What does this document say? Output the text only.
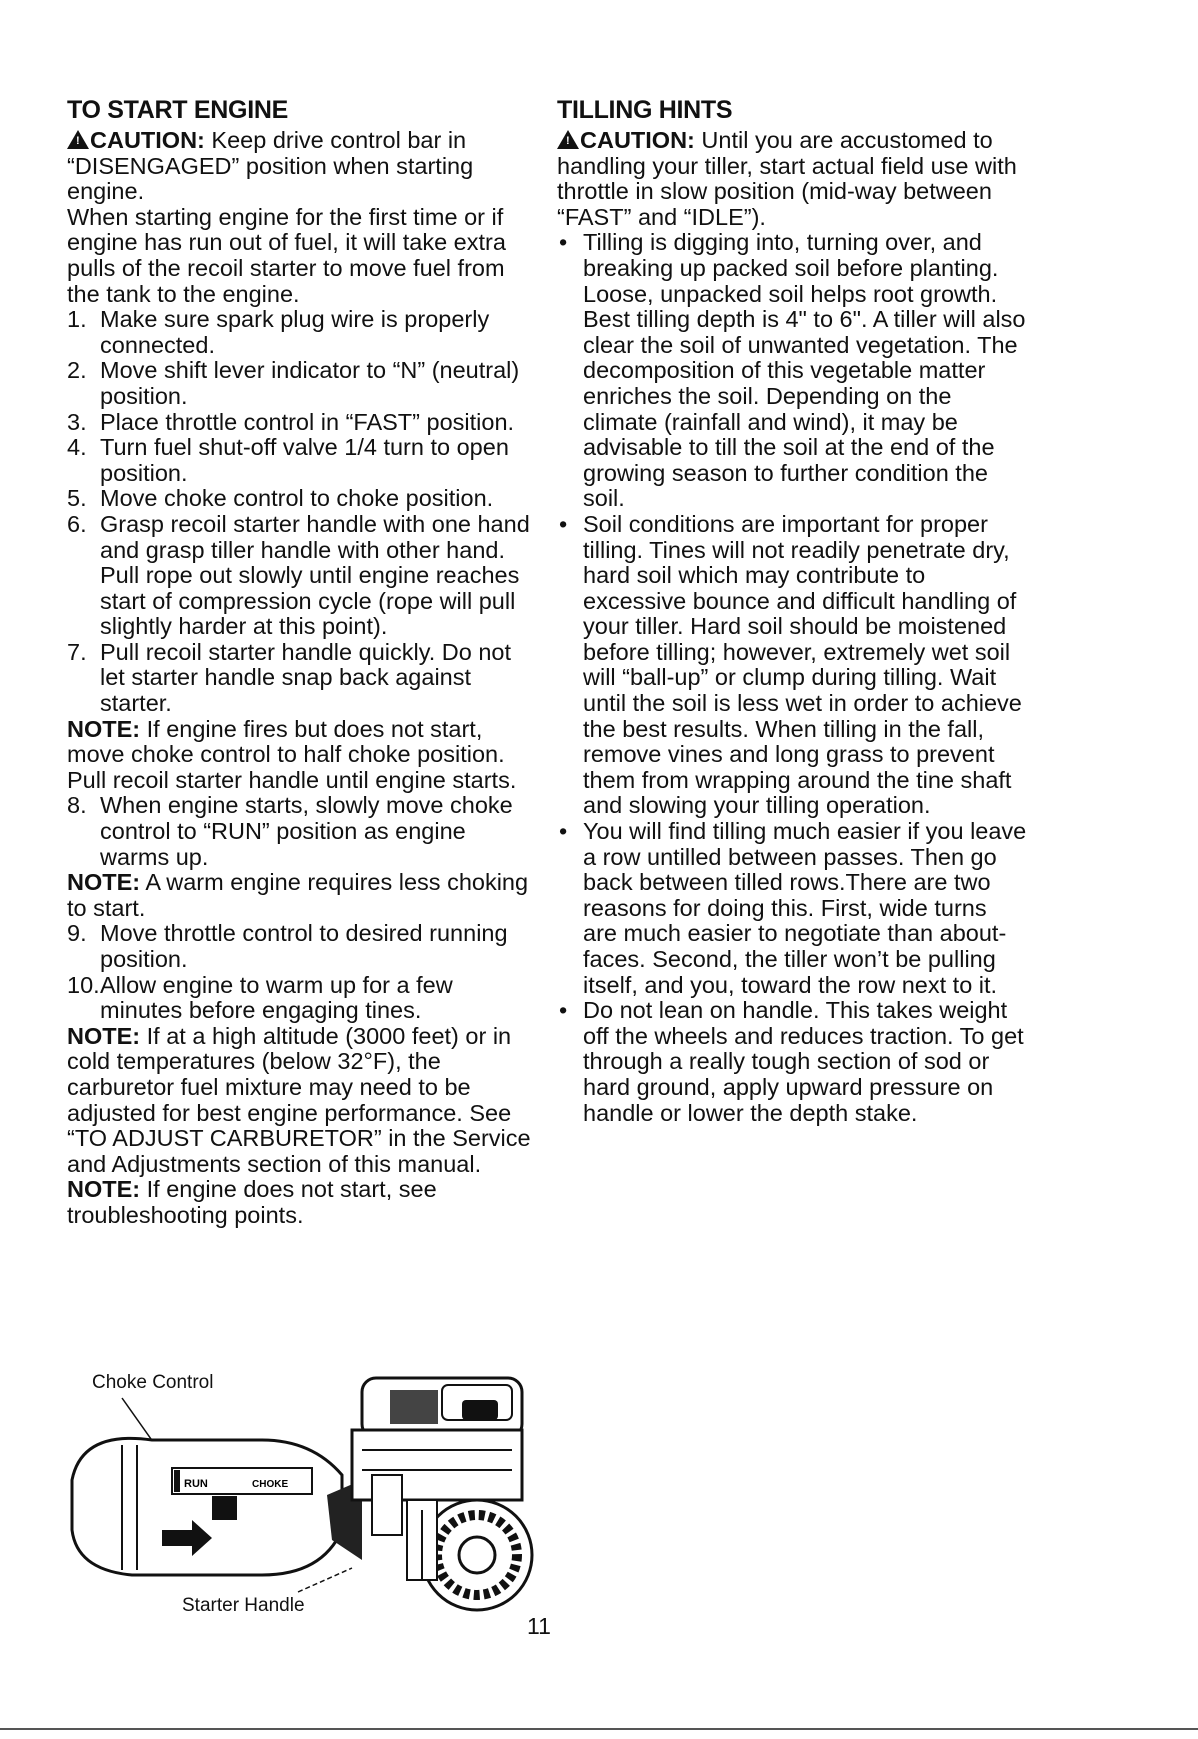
TO START ENGINE

!CAUTION: Keep drive control bar in “DISENGAGED” position when starting engine.

When starting engine for the first time or if engine has run out of fuel, it will take extra pulls of the recoil starter to move fuel from the tank to the engine.

1. Make sure spark plug wire is properly connected.
2. Move shift lever indicator to “N” (neutral) position.
3. Place throttle control in “FAST” position.
4. Turn fuel shut-off valve 1/4 turn to open position.
5. Move choke control to choke position.
6. Grasp recoil starter handle with one hand and grasp tiller handle with other hand. Pull rope out slowly until engine reaches start of compression cycle (rope will pull slightly harder at this point).
7. Pull recoil starter handle quickly. Do not let starter handle snap back against starter.

NOTE: If engine fires but does not start, move choke control to half choke position. Pull recoil starter handle until engine starts.

8. When engine starts, slowly move choke control to “RUN” position as engine warms up.

NOTE: A warm engine requires less choking to start.

9. Move throttle control to desired running position.
10. Allow engine to warm up for a few minutes before engaging tines.

NOTE: If at a high altitude (3000 feet) or in cold temperatures (below 32°F), the carburetor fuel mixture may need to be adjusted for best engine performance. See “TO ADJUST CARBURETOR” in the Service and Adjustments section of this manual.

NOTE: If engine does not start, see troubleshooting points.

TILLING HINTS

!CAUTION: Until you are accustomed to handling your tiller, start actual field use with throttle in slow position (mid-way between “FAST” and “IDLE”).

• Tilling is digging into, turning over, and breaking up packed soil before planting. Loose, unpacked soil helps root growth. Best tilling depth is 4" to 6". A tiller will also clear the soil of unwanted vegetation. The decomposition of this vegetable matter enriches the soil. Depending on the climate (rainfall and wind), it may be advisable to till the soil at the end of the growing season to further condition the soil.
• Soil conditions are important for proper tilling. Tines will not readily penetrate dry, hard soil which may contribute to excessive bounce and difficult handling of your tiller. Hard soil should be moistened before tilling; however, extremely wet soil will “ball-up” or clump during tilling. Wait until the soil is less wet in order to achieve the best results. When tilling in the fall, remove vines and long grass to prevent them from wrapping around the tine shaft and slowing your tilling operation.
• You will find tilling much easier if you leave a row untilled between passes. Then go back between tilled rows.There are two reasons for doing this. First, wide turns are much easier to negotiate than about-faces. Second, the tiller won’t be pulling itself, and you, toward the row next to it.
• Do not lean on handle. This takes weight off the wheels and reduces traction. To get through a really tough section of sod or hard ground, apply upward pressure on handle or lower the depth stake.
Choke Control
Starter Handle
RUN	CHOKE
11
